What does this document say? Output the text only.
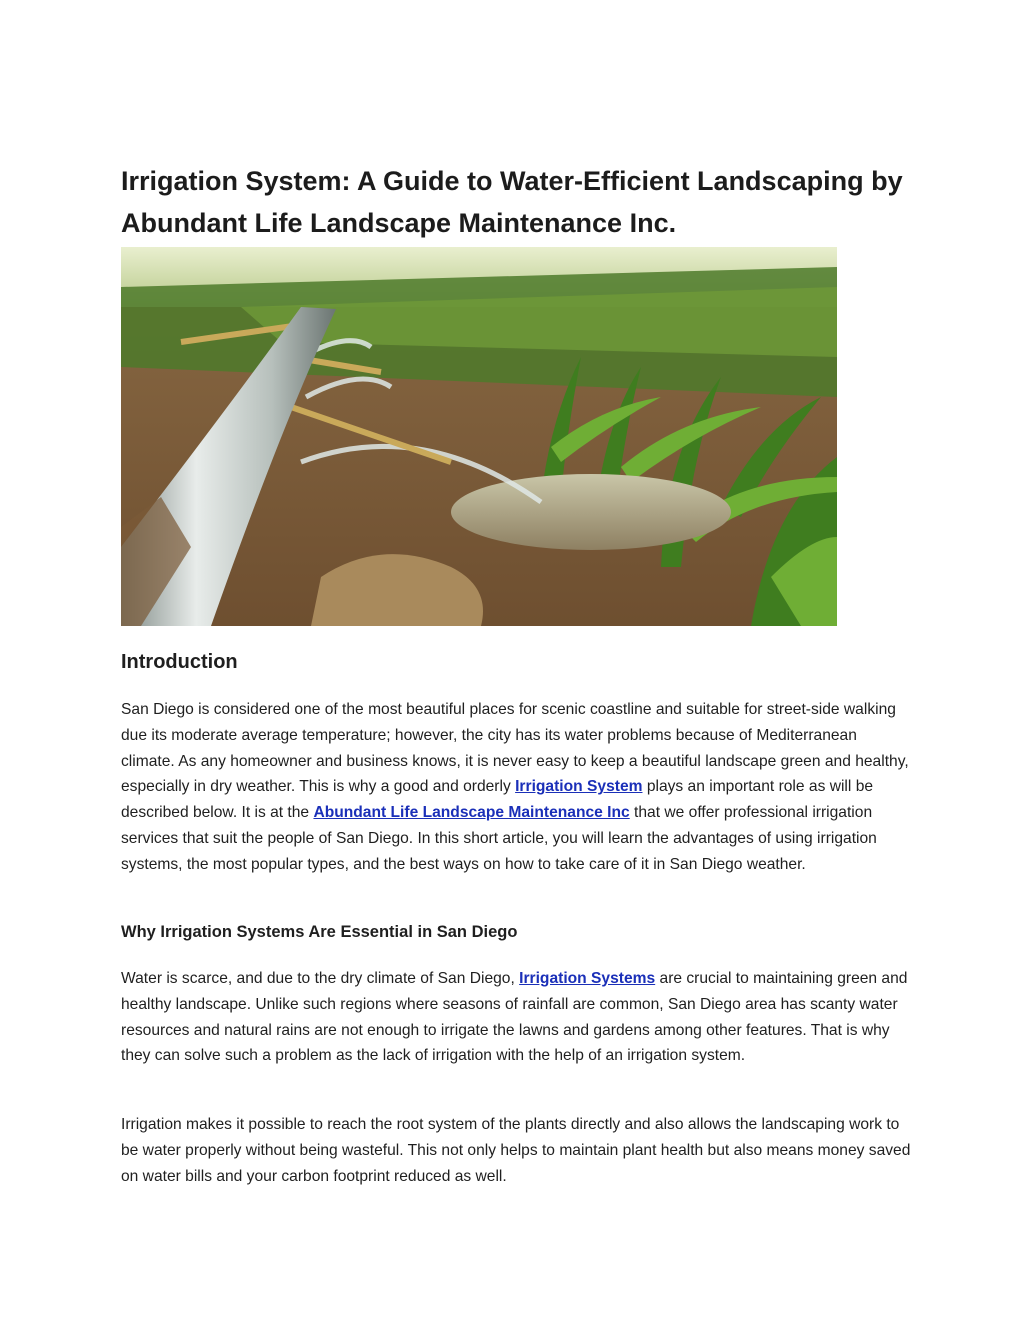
Irrigation System: A Guide to Water-Efficient Landscaping by Abundant Life Landscape Maintenance Inc.
Introduction

San Diego is considered one of the most beautiful places for scenic coastline and suitable for street-side walking due its moderate average temperature; however, the city has its water problems because of Mediterranean climate. As any homeowner and business knows, it is never easy to keep a beautiful landscape green and healthy, especially in dry weather. This is why a good and orderly Irrigation System plays an important role as will be described below. It is at the Abundant Life Landscape Maintenance Inc that we offer professional irrigation services that suit the people of San Diego. In this short article, you will learn the advantages of using irrigation systems, the most popular types, and the best ways on how to take care of it in San Diego weather.

Why Irrigation Systems Are Essential in San Diego

Water is scarce, and due to the dry climate of San Diego, Irrigation Systems are crucial to maintaining green and healthy landscape. Unlike such regions where seasons of rainfall are common, San Diego area has scanty water resources and natural rains are not enough to irrigate the lawns and gardens among other features. That is why they can solve such a problem as the lack of irrigation with the help of an irrigation system.

Irrigation makes it possible to reach the root system of the plants directly and also allows the landscaping work to be water properly without being wasteful. This not only helps to maintain plant health but also means money saved on water bills and your carbon footprint reduced as well.
